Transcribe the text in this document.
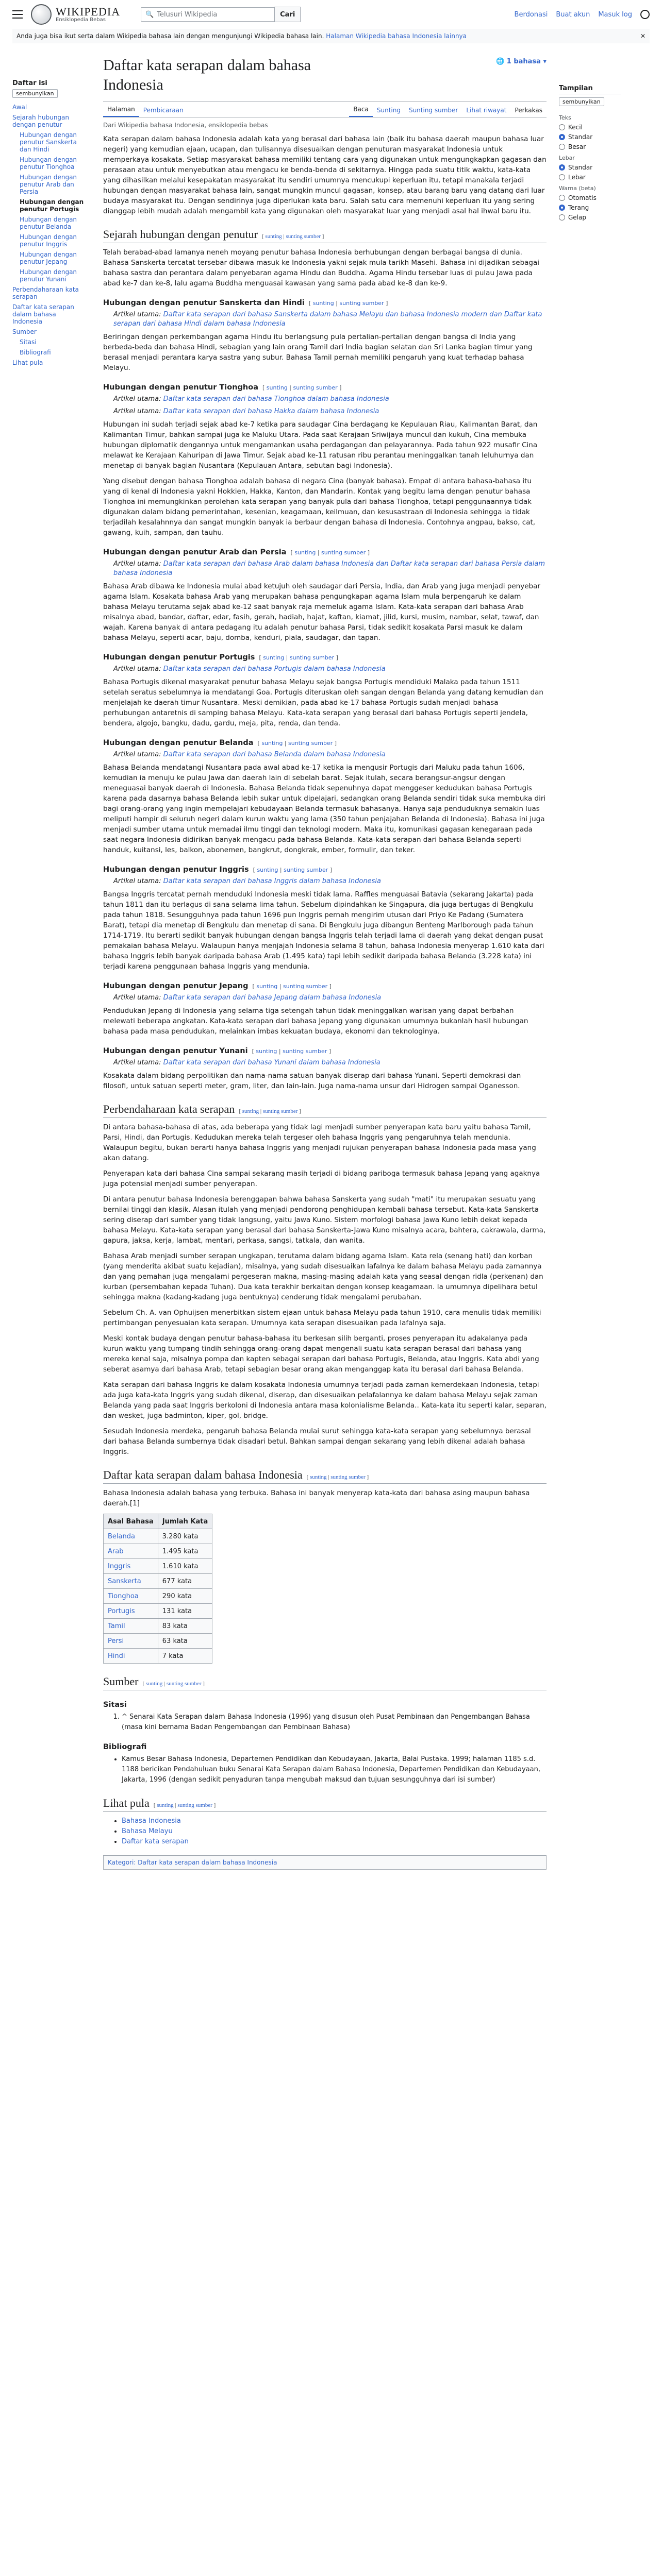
WIKIPEDIA
Ensiklopedia Bebas
🔍 Telusuri Wikipedia	Cari	Berdonasi Buat akun Masuk log
Anda juga bisa ikut serta dalam Wikipedia bahasa lain dengan mengunjungi Wikipedia bahasa lain. Halaman Wikipedia bahasa Indonesia lainnya	✕
Daftar isi
sembunyikan
Awal
Sejarah hubungan dengan penutur
Hubungan dengan penutur Sanskerta dan Hindi
Hubungan dengan penutur Tionghoa
Hubungan dengan penutur Arab dan Persia
Hubungan dengan penutur Portugis
Hubungan dengan penutur Belanda
Hubungan dengan penutur Inggris
Hubungan dengan penutur Jepang
Hubungan dengan penutur Yunani
Perbendaharaan kata serapan
Daftar kata serapan dalam bahasa Indonesia
Sumber
Sitasi
Bibliografi
Lihat pula
Daftar kata serapan dalam bahasa Indonesia
🌐 1 bahasa ▾
Halaman	Pembicaraan	Baca	Sunting	Sunting sumber	Lihat riwayat	Perkakas
Dari Wikipedia bahasa Indonesia, ensiklopedia bebas

Kata serapan dalam bahasa Indonesia adalah kata yang berasal dari bahasa lain (baik itu bahasa daerah maupun bahasa luar negeri) yang kemudian ejaan, ucapan, dan tulisannya disesuaikan dengan penuturan masyarakat Indonesia untuk memperkaya kosakata. Setiap masyarakat bahasa memiliki tentang cara yang digunakan untuk mengungkapkan gagasan dan perasaan atau untuk menyebutkan atau mengacu ke benda-benda di sekitarnya. Hingga pada suatu titik waktu, kata-kata yang dihasilkan melalui kesepakatan masyarakat itu sendiri umumnya mencukupi keperluan itu, tetapi manakala terjadi hubungan dengan masyarakat bahasa lain, sangat mungkin muncul gagasan, konsep, atau barang baru yang datang dari luar budaya masyarakat itu. Dengan sendirinya juga diperlukan kata baru. Salah satu cara memenuhi keperluan itu yang sering dianggap lebih mudah adalah mengambil kata yang digunakan oleh masyarakat luar yang menjadi asal hal ihwal baru itu.

Sejarah hubungan dengan penutur [ sunting | sunting sumber ]

Telah berabad-abad lamanya neneh moyang penutur bahasa Indonesia berhubungan dengan berbagai bangsa di dunia. Bahasa Sanskerta tercatat tersebar dibawa masuk ke Indonesia yakni sejak mula tarikh Masehi. Bahasa ini dijadikan sebagai bahasa sastra dan perantara dalam penyebaran agama Hindu dan Buddha. Agama Hindu tersebar luas di pulau Jawa pada abad ke-7 dan ke-8, lalu agama Buddha menguasai kawasan yang sama pada abad ke-8 dan ke-9.

Hubungan dengan penutur Sanskerta dan Hindi [ sunting | sunting sumber ]
Artikel utama: Daftar kata serapan dari bahasa Sanskerta dalam bahasa Melayu dan bahasa Indonesia modern dan Daftar kata serapan dari bahasa Hindi dalam bahasa Indonesia

Beriringan dengan perkembangan agama Hindu itu berlangsung pula pertalian-pertalian dengan bangsa di India yang berbeda-beda dan bahasa Hindi, sebagian yang lain orang Tamil dari India bagian selatan dan Sri Lanka bagian timur yang berasal menjadi perantara karya sastra yang subur. Bahasa Tamil pernah memiliki pengaruh yang kuat terhadap bahasa Melayu.

Hubungan dengan penutur Tionghoa [ sunting | sunting sumber ]
Artikel utama: Daftar kata serapan dari bahasa Tionghoa dalam bahasa Indonesia
Artikel utama: Daftar kata serapan dari bahasa Hakka dalam bahasa Indonesia

Hubungan ini sudah terjadi sejak abad ke-7 ketika para saudagar Cina berdagang ke Kepulauan Riau, Kalimantan Barat, dan Kalimantan Timur, bahkan sampai juga ke Maluku Utara. Pada saat Kerajaan Sriwijaya muncul dan kukuh, Cina membuka hubungan diplomatik dengannya untuk mengamankan usaha perdagangan dan pelayarannya. Pada tahun 922 musafir Cina melawat ke Kerajaan Kahuripan di Jawa Timur. Sejak abad ke-11 ratusan ribu perantau meninggalkan tanah leluhurnya dan menetap di banyak bagian Nusantara (Kepulauan Antara, sebutan bagi Indonesia).

Yang disebut dengan bahasa Tionghoa adalah bahasa di negara Cina (banyak bahasa). Empat di antara bahasa-bahasa itu yang di kenal di Indonesia yakni Hokkien, Hakka, Kanton, dan Mandarin. Kontak yang begitu lama dengan penutur bahasa Tionghoa ini memungkinkan perolehan kata serapan yang banyak pula dari bahasa Tionghoa, tetapi penggunaannya tidak digunakan dalam bidang pemerintahan, kesenian, keagamaan, keilmuan, dan kesusastraan di Indonesia sehingga ia tidak terjadilah kesalahnnya dan sangat mungkin banyak ia berbaur dengan bahasa di Indonesia. Contohnya angpau, bakso, cat, gawang, kuih, sampan, dan tauhu.

Hubungan dengan penutur Arab dan Persia [ sunting | sunting sumber ]
Artikel utama: Daftar kata serapan dari bahasa Arab dalam bahasa Indonesia dan Daftar kata serapan dari bahasa Persia dalam bahasa Indonesia

Bahasa Arab dibawa ke Indonesia mulai abad ketujuh oleh saudagar dari Persia, India, dan Arab yang juga menjadi penyebar agama Islam. Kosakata bahasa Arab yang merupakan bahasa pengungkapan agama Islam mula berpengaruh ke dalam bahasa Melayu terutama sejak abad ke-12 saat banyak raja memeluk agama Islam. Kata-kata serapan dari bahasa Arab misalnya abad, bandar, daftar, edar, fasih, gerah, hadiah, hajat, kaftan, kiamat, jilid, kursi, musim, nambar, selat, tawaf, dan wajah. Karena banyak di antara pedagang itu adalah penutur bahasa Parsi, tidak sedikit kosakata Parsi masuk ke dalam bahasa Melayu, seperti acar, baju, domba, kenduri, piala, saudagar, dan tapan.

Hubungan dengan penutur Portugis [ sunting | sunting sumber ]
Artikel utama: Daftar kata serapan dari bahasa Portugis dalam bahasa Indonesia

Bahasa Portugis dikenal masyarakat penutur bahasa Melayu sejak bangsa Portugis mendiduki Malaka pada tahun 1511 setelah seratus sebelumnya ia mendatangi Goa. Portugis diteruskan oleh sangan dengan Belanda yang datang kemudian dan menjelajah ke daerah timur Nusantara. Meski demikian, pada abad ke-17 bahasa Portugis sudah menjadi bahasa perhubungan antaretnis di samping bahasa Melayu. Kata-kata serapan yang berasal dari bahasa Portugis seperti jendela, bendera, algojo, bangku, dadu, gardu, meja, pita, renda, dan tenda.

Hubungan dengan penutur Belanda [ sunting | sunting sumber ]
Artikel utama: Daftar kata serapan dari bahasa Belanda dalam bahasa Indonesia

Bahasa Belanda mendatangi Nusantara pada awal abad ke-17 ketika ia mengusir Portugis dari Maluku pada tahun 1606, kemudian ia menuju ke pulau Jawa dan daerah lain di sebelah barat. Sejak itulah, secara berangsur-angsur dengan meneguasai banyak daerah di Indonesia. Bahasa Belanda tidak sepenuhnya dapat menggeser kedudukan bahasa Portugis karena pada dasarnya bahasa Belanda lebih sukar untuk dipelajari, sedangkan orang Belanda sendiri tidak suka membuka diri bagi orang-orang yang ingin mempelajari kebudayaan Belanda termasuk bahasanya. Hanya saja penduduknya semakin luas meliputi hampir di seluruh negeri dalam kurun waktu yang lama (350 tahun penjajahan Belanda di Indonesia). Bahasa ini juga menjadi sumber utama untuk memadai ilmu tinggi dan teknologi modern. Maka itu, komunikasi gagasan kenegaraan pada saat negara Indonesia didirikan banyak mengacu pada bahasa Belanda. Kata-kata serapan dari bahasa Belanda seperti handuk, kuitansi, les, balkon, abonemen, bangkrut, dongkrak, ember, formulir, dan teker.

Hubungan dengan penutur Inggris [ sunting | sunting sumber ]
Artikel utama: Daftar kata serapan dari bahasa Inggris dalam bahasa Indonesia

Bangsa Inggris tercatat pernah menduduki Indonesia meski tidak lama. Raffles menguasai Batavia (sekarang Jakarta) pada tahun 1811 dan itu berlagus di sana selama lima tahun. Sebelum dipindahkan ke Singapura, dia juga bertugas di Bengkulu pada tahun 1818. Sesungguhnya pada tahun 1696 pun Inggris pernah mengirim utusan dari Priyo Ke Padang (Sumatera Barat), tetapi dia menetap di Bengkulu dan menetap di sana. Di Bengkulu juga dibangun Benteng Marlborough pada tahun 1714-1719. Itu berarti sedikit banyak hubungan dengan bangsa Inggris telah terjadi lama di daerah yang dekat dengan pusat pemakaian bahasa Melayu. Walaupun hanya menjajah Indonesia selama 8 tahun, bahasa Indonesia menyerap 1.610 kata dari bahasa Inggris lebih banyak daripada bahasa Arab (1.495 kata) tapi lebih sedikit daripada bahasa Belanda (3.228 kata) ini terjadi karena penggunaan bahasa Inggris yang mendunia.

Hubungan dengan penutur Jepang [ sunting | sunting sumber ]
Artikel utama: Daftar kata serapan dari bahasa Jepang dalam bahasa Indonesia

Pendudukan Jepang di Indonesia yang selama tiga setengah tahun tidak meninggalkan warisan yang dapat berbahan melewati beberapa angkatan. Kata-kata serapan dari bahasa Jepang yang digunakan umumnya bukanlah hasil hubungan bahasa pada masa pendudukan, melainkan imbas kekuatan budaya, ekonomi dan teknologinya.

Hubungan dengan penutur Yunani [ sunting | sunting sumber ]
Artikel utama: Daftar kata serapan dari bahasa Yunani dalam bahasa Indonesia

Kosakata dalam bidang perpolitikan dan nama-nama satuan banyak diserap dari bahasa Yunani. Seperti demokrasi dan filosofi, untuk satuan seperti meter, gram, liter, dan lain-lain. Juga nama-nama unsur dari Hidrogen sampai Oganesson.

Perbendaharaan kata serapan [ sunting | sunting sumber ]

Di antara bahasa-bahasa di atas, ada beberapa yang tidak lagi menjadi sumber penyerapan kata baru yaitu bahasa Tamil, Parsi, Hindi, dan Portugis. Kedudukan mereka telah tergeser oleh bahasa Inggris yang pengaruhnya telah mendunia. Walaupun begitu, bukan berarti hanya bahasa Inggris yang menjadi rujukan penyerapan bahasa Indonesia pada masa yang akan datang.

Penyerapan kata dari bahasa Cina sampai sekarang masih terjadi di bidang pariboga termasuk bahasa Jepang yang agaknya juga potensial menjadi sumber penyerapan.

Di antara penutur bahasa Indonesia berenggapan bahwa bahasa Sanskerta yang sudah "mati" itu merupakan sesuatu yang bernilai tinggi dan klasik. Alasan itulah yang menjadi pendorong penghidupan kembali bahasa tersebut. Kata-kata Sanskerta sering diserap dari sumber yang tidak langsung, yaitu Jawa Kuno. Sistem morfologi bahasa Jawa Kuno lebih dekat kepada bahasa Melayu. Kata-kata serapan yang berasal dari bahasa Sanskerta-Jawa Kuno misalnya acara, bahtera, cakrawala, darma, gapura, jaksa, kerja, lambat, mentari, perkasa, sangsi, tatkala, dan wanita.

Bahasa Arab menjadi sumber serapan ungkapan, terutama dalam bidang agama Islam. Kata rela (senang hati) dan korban (yang menderita akibat suatu kejadian), misalnya, yang sudah disesuaikan lafalnya ke dalam bahasa Melayu pada zamannya dan yang pemahan juga mengalami pergeseran makna, masing-masing adalah kata yang seasal dengan ridla (perkenan) dan kurban (persembahan kepada Tuhan). Dua kata terakhir berkaitan dengan konsep keagamaan. Ia umumnya dipelihara betul sehingga makna (kadang-kadang juga bentuknya) cenderung tidak mengalami perubahan.

Sebelum Ch. A. van Ophuijsen menerbitkan sistem ejaan untuk bahasa Melayu pada tahun 1910, cara menulis tidak memiliki pertimbangan penyesuaian kata serapan. Umumnya kata serapan disesuaikan pada lafalnya saja.

Meski kontak budaya dengan penutur bahasa-bahasa itu berkesan silih berganti, proses penyerapan itu adakalanya pada kurun waktu yang tumpang tindih sehingga orang-orang dapat mengenali suatu kata serapan berasal dari bahasa yang mereka kenal saja, misalnya pompa dan kapten sebagai serapan dari bahasa Portugis, Belanda, atau Inggris. Kata abdi yang seberat asamya dari bahasa Arab, tetapi sebagian besar orang akan menganggap kata itu berasal dari bahasa Belanda.

Kata serapan dari bahasa Inggris ke dalam kosakata Indonesia umumnya terjadi pada zaman kemerdekaan Indonesia, tetapi ada juga kata-kata Inggris yang sudah dikenal, diserap, dan disesuaikan pelafalannya ke dalam bahasa Melayu sejak zaman Belanda yang pada saat Inggris berkoloni di Indonesia antara masa kolonialisme Belanda.. Kata-kata itu seperti kalar, separan, dan wesket, juga badminton, kiper, gol, bridge.

Sesudah Indonesia merdeka, pengaruh bahasa Belanda mulai surut sehingga kata-kata serapan yang sebelumnya berasal dari bahasa Belanda sumbernya tidak disadari betul. Bahkan sampai dengan sekarang yang lebih dikenal adalah bahasa Inggris.

Daftar kata serapan dalam bahasa Indonesia [ sunting | sunting sumber ]

Bahasa Indonesia adalah bahasa yang terbuka. Bahasa ini banyak menyerap kata-kata dari bahasa asing maupun bahasa daerah.[1]

Asal Bahasa	Jumlah Kata
Belanda	3.280 kata
Arab	1.495 kata
Inggris	1.610 kata
Sanskerta	677 kata
Tionghoa	290 kata
Portugis	131 kata
Tamil	83 kata
Persi	63 kata
Hindi	7 kata
Sumber [ sunting | sunting sumber ]
Sitasi
1. ^ Senarai Kata Serapan dalam Bahasa Indonesia (1996) yang disusun oleh Pusat Pembinaan dan Pengembangan Bahasa (masa kini bernama Badan Pengembangan dan Pembinaan Bahasa)
Bibliografi
• Kamus Besar Bahasa Indonesia, Departemen Pendidikan dan Kebudayaan, Jakarta, Balai Pustaka. 1999; halaman 1185 s.d. 1188 bericikan Pendahuluan buku Senarai Kata Serapan dalam Bahasa Indonesia, Departemen Pendidikan dan Kebudayaan, Jakarta, 1996 (dengan sedikit penyaduran tanpa mengubah maksud dan tujuan sesungguhnya dari isi sumber)
Lihat pula [ sunting | sunting sumber ]
• Bahasa Indonesia
• Bahasa Melayu
• Daftar kata serapan
Kategori: Daftar kata serapan dalam bahasa Indonesia
Tampilan
sembunyikan
Teks
Kecil
Standar
Besar
Lebar
Standar
Lebar
Warna (beta)
Otomatis
Terang
Gelap
